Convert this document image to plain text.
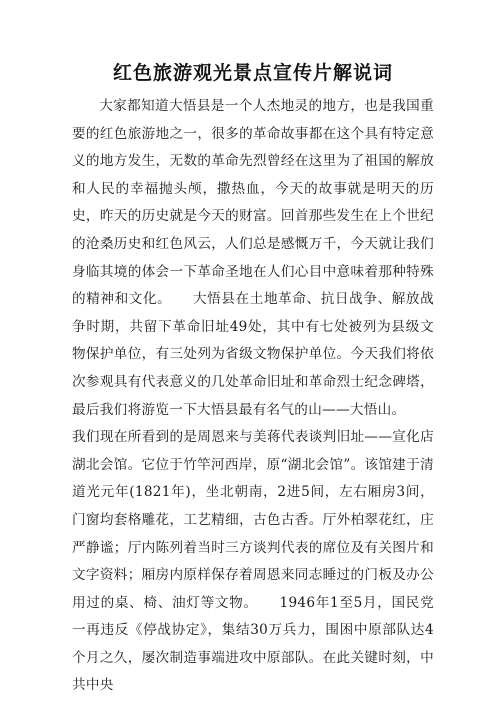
红色旅游观光景点宣传片解说词

大家都知道大悟县是一个人杰地灵的地方，也是我国重要的红色旅游地之一，很多的革命故事都在这个具有特定意义的地方发生，无数的革命先烈曾经在这里为了祖国的解放和人民的幸福抛头颅，撒热血，今天的故事就是明天的历史，昨天的历史就是今天的财富。回首那些发生在上个世纪的沧桑历史和红色风云，人们总是感慨万千，今天就让我们身临其境的体会一下革命圣地在人们心目中意味着那种特殊的精神和文化。　　大悟县在土地革命、抗日战争、解放战争时期，共留下革命旧址49处，其中有七处被列为县级文物保护单位，有三处列为省级文物保护单位。今天我们将依次参观具有代表意义的几处革命旧址和革命烈士纪念碑塔，最后我们将游览一下大悟县最有名气的山——大悟山。

我们现在所看到的是周恩来与美蒋代表谈判旧址——宣化店湖北会馆。它位于竹竿河西岸，原“湖北会馆”。该馆建于清道光元年(1821年)，坐北朝南，2进5间，左右厢房3间，门窗均套格雕花，工艺精细，古色古香。厅外柏翠花红，庄严静谧；厅内陈列着当时三方谈判代表的席位及有关图片和文字资料；厢房内原样保存着周恩来同志睡过的门板及办公用过的桌、椅、油灯等文物。　　1946年1至5月，国民党一再违反《停战协定》，集结30万兵力，围困中原部队达4个月之久，屡次制造事端进攻中原部队。在此关键时刻，中共中央
